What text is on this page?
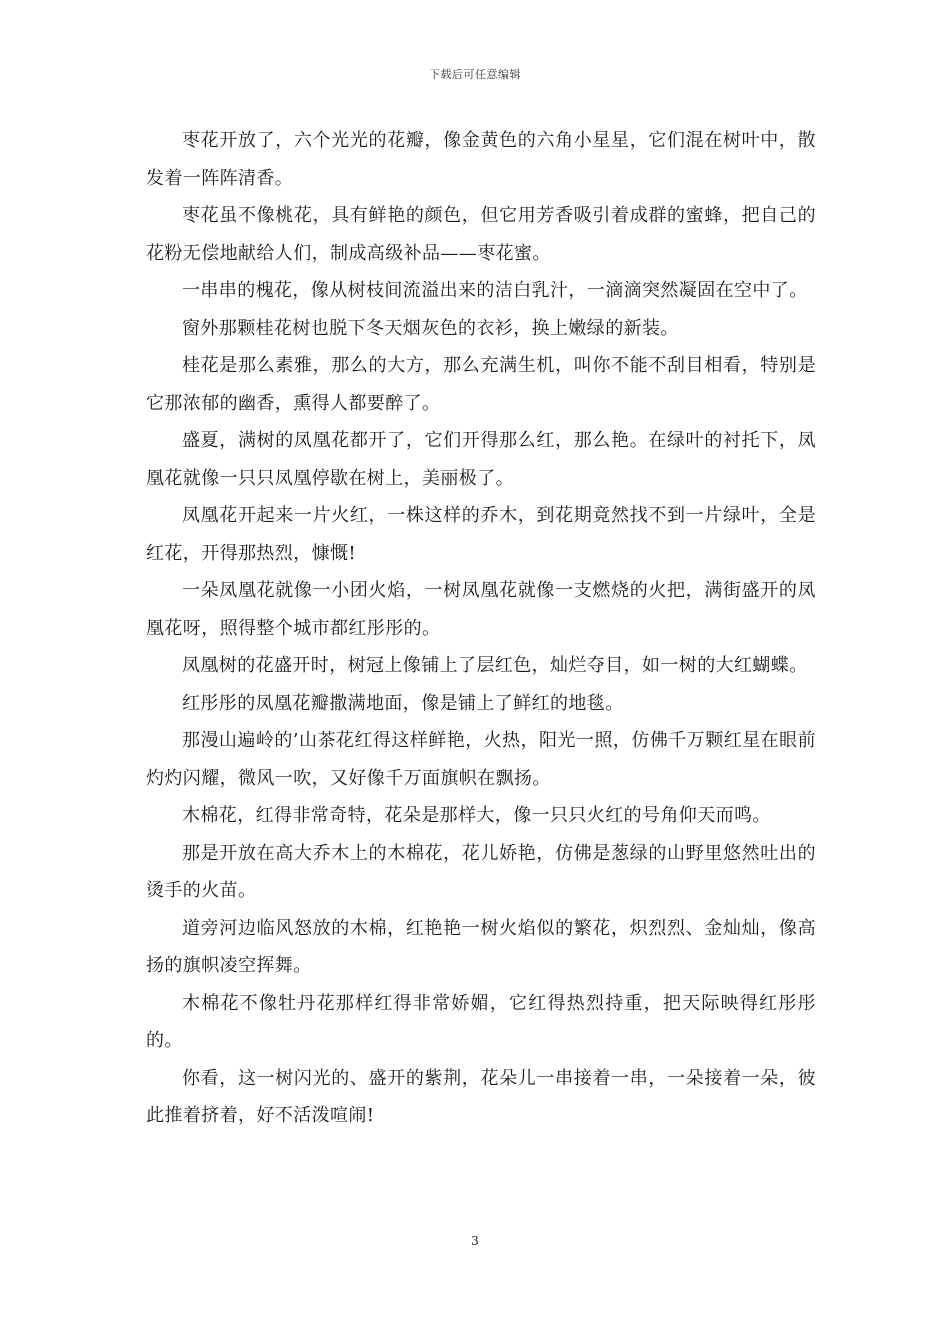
下载后可任意编辑

枣花开放了，六个光光的花瓣，像金黄色的六角小星星，它们混在树叶中，散发着一阵阵清香。

枣花虽不像桃花，具有鲜艳的颜色，但它用芳香吸引着成群的蜜蜂，把自己的花粉无偿地献给人们，制成高级补品——枣花蜜。

一串串的槐花，像从树枝间流溢出来的洁白乳汁，一滴滴突然凝固在空中了。

窗外那颗桂花树也脱下冬天烟灰色的衣衫，换上嫩绿的新装。

桂花是那么素雅，那么的大方，那么充满生机，叫你不能不刮目相看，特别是它那浓郁的幽香，熏得人都要醉了。

盛夏，满树的凤凰花都开了，它们开得那么红，那么艳。在绿叶的衬托下，凤凰花就像一只只凤凰停歇在树上，美丽极了。

凤凰花开起来一片火红，一株这样的乔木，到花期竟然找不到一片绿叶，全是红花，开得那热烈，慷慨!

一朵凤凰花就像一小团火焰，一树凤凰花就像一支燃烧的火把，满街盛开的凤凰花呀，照得整个城市都红彤彤的。

凤凰树的花盛开时，树冠上像铺上了层红色，灿烂夺目，如一树的大红蝴蝶。

红彤彤的凤凰花瓣撒满地面，像是铺上了鲜红的地毯。

那漫山遍岭的’山茶花红得这样鲜艳，火热，阳光一照，仿佛千万颗红星在眼前灼灼闪耀，微风一吹，又好像千万面旗帜在飘扬。

木棉花，红得非常奇特，花朵是那样大，像一只只火红的号角仰天而鸣。

那是开放在高大乔木上的木棉花，花儿娇艳，仿佛是葱绿的山野里悠然吐出的烫手的火苗。

道旁河边临风怒放的木棉，红艳艳一树火焰似的繁花，炽烈烈、金灿灿，像高扬的旗帜凌空挥舞。

木棉花不像牡丹花那样红得非常娇媚，它红得热烈持重，把天际映得红彤彤的。

你看，这一树闪光的、盛开的紫荆，花朵儿一串接着一串，一朵接着一朵，彼此推着挤着，好不活泼喧闹!

3
